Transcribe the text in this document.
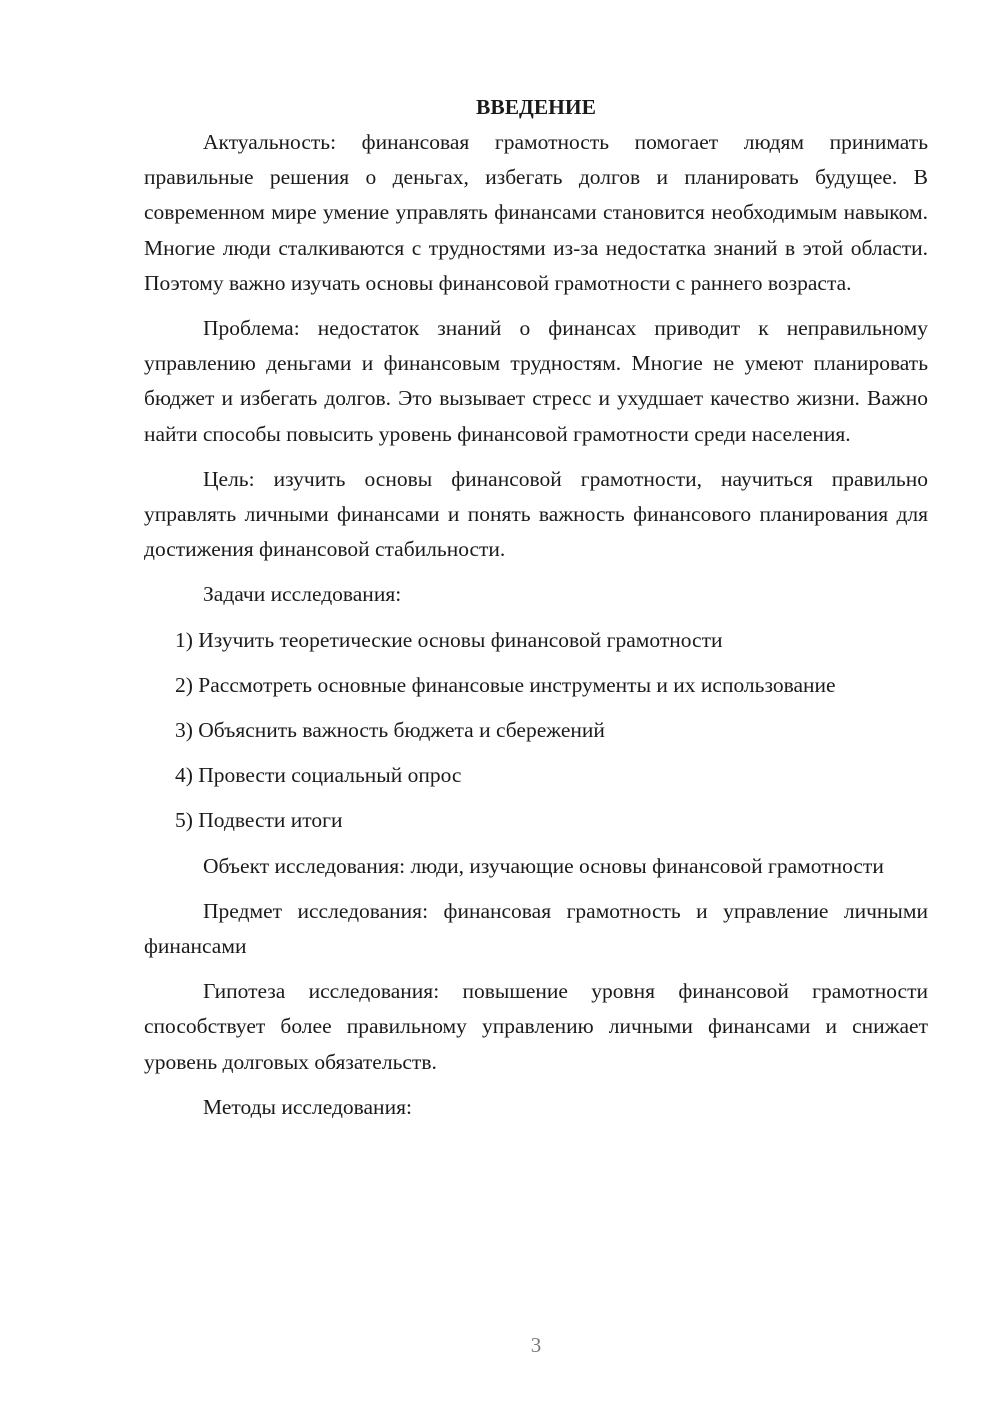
ВВЕДЕНИЕ

Актуальность: финансовая грамотность помогает людям принимать правильные решения о деньгах, избегать долгов и планировать будущее. В современном мире умение управлять финансами становится необходимым навыком. Многие люди сталкиваются с трудностями из-за недостатка знаний в этой области. Поэтому важно изучать основы финансовой грамотности с раннего возраста.

Проблема: недостаток знаний о финансах приводит к неправильному управлению деньгами и финансовым трудностям. Многие не умеют планировать бюджет и избегать долгов. Это вызывает стресс и ухудшает качество жизни. Важно найти способы повысить уровень финансовой грамотности среди населения.

Цель: изучить основы финансовой грамотности, научиться правильно управлять личными финансами и понять важность финансового планирования для достижения финансовой стабильности.

Задачи исследования:

1) Изучить теоретические основы финансовой грамотности

2) Рассмотреть основные финансовые инструменты и их использование

3) Объяснить важность бюджета и сбережений

4) Провести социальный опрос

5) Подвести итоги

Объект исследования: люди, изучающие основы финансовой грамотности

Предмет исследования: финансовая грамотность и управление личными финансами

Гипотеза исследования: повышение уровня финансовой грамотности способствует более правильному управлению личными финансами и снижает уровень долговых обязательств.

Методы исследования:

3
